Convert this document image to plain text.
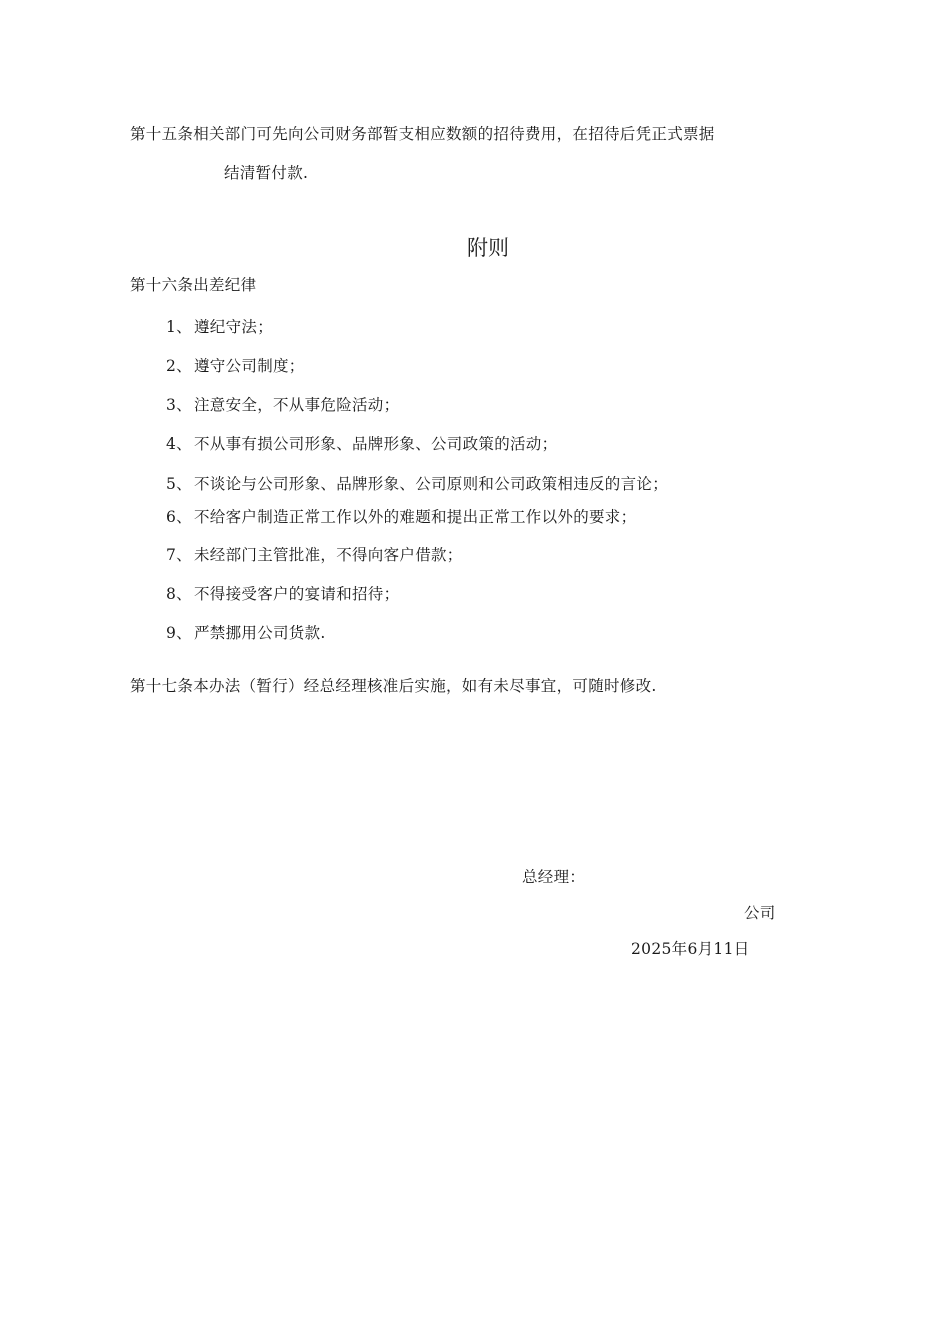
第十五条相关部门可先向公司财务部暂支相应数额的招待费用，在招待后凭正式票据
结清暂付款.
附则
第十六条出差纪律
1、 遵纪守法；
2、 遵守公司制度；
3、 注意安全，不从事危险活动；
4、 不从事有损公司形象、品牌形象、公司政策的活动；
5、 不谈论与公司形象、品牌形象、公司原则和公司政策相违反的言论；
6、 不给客户制造正常工作以外的难题和提出正常工作以外的要求；
7、 未经部门主管批准，不得向客户借款；
8、 不得接受客户的宴请和招待；
9、 严禁挪用公司货款.
第十七条本办法（暂行）经总经理核准后实施，如有未尽事宜，可随时修改.
总经理：
公司
2025年6月11日
